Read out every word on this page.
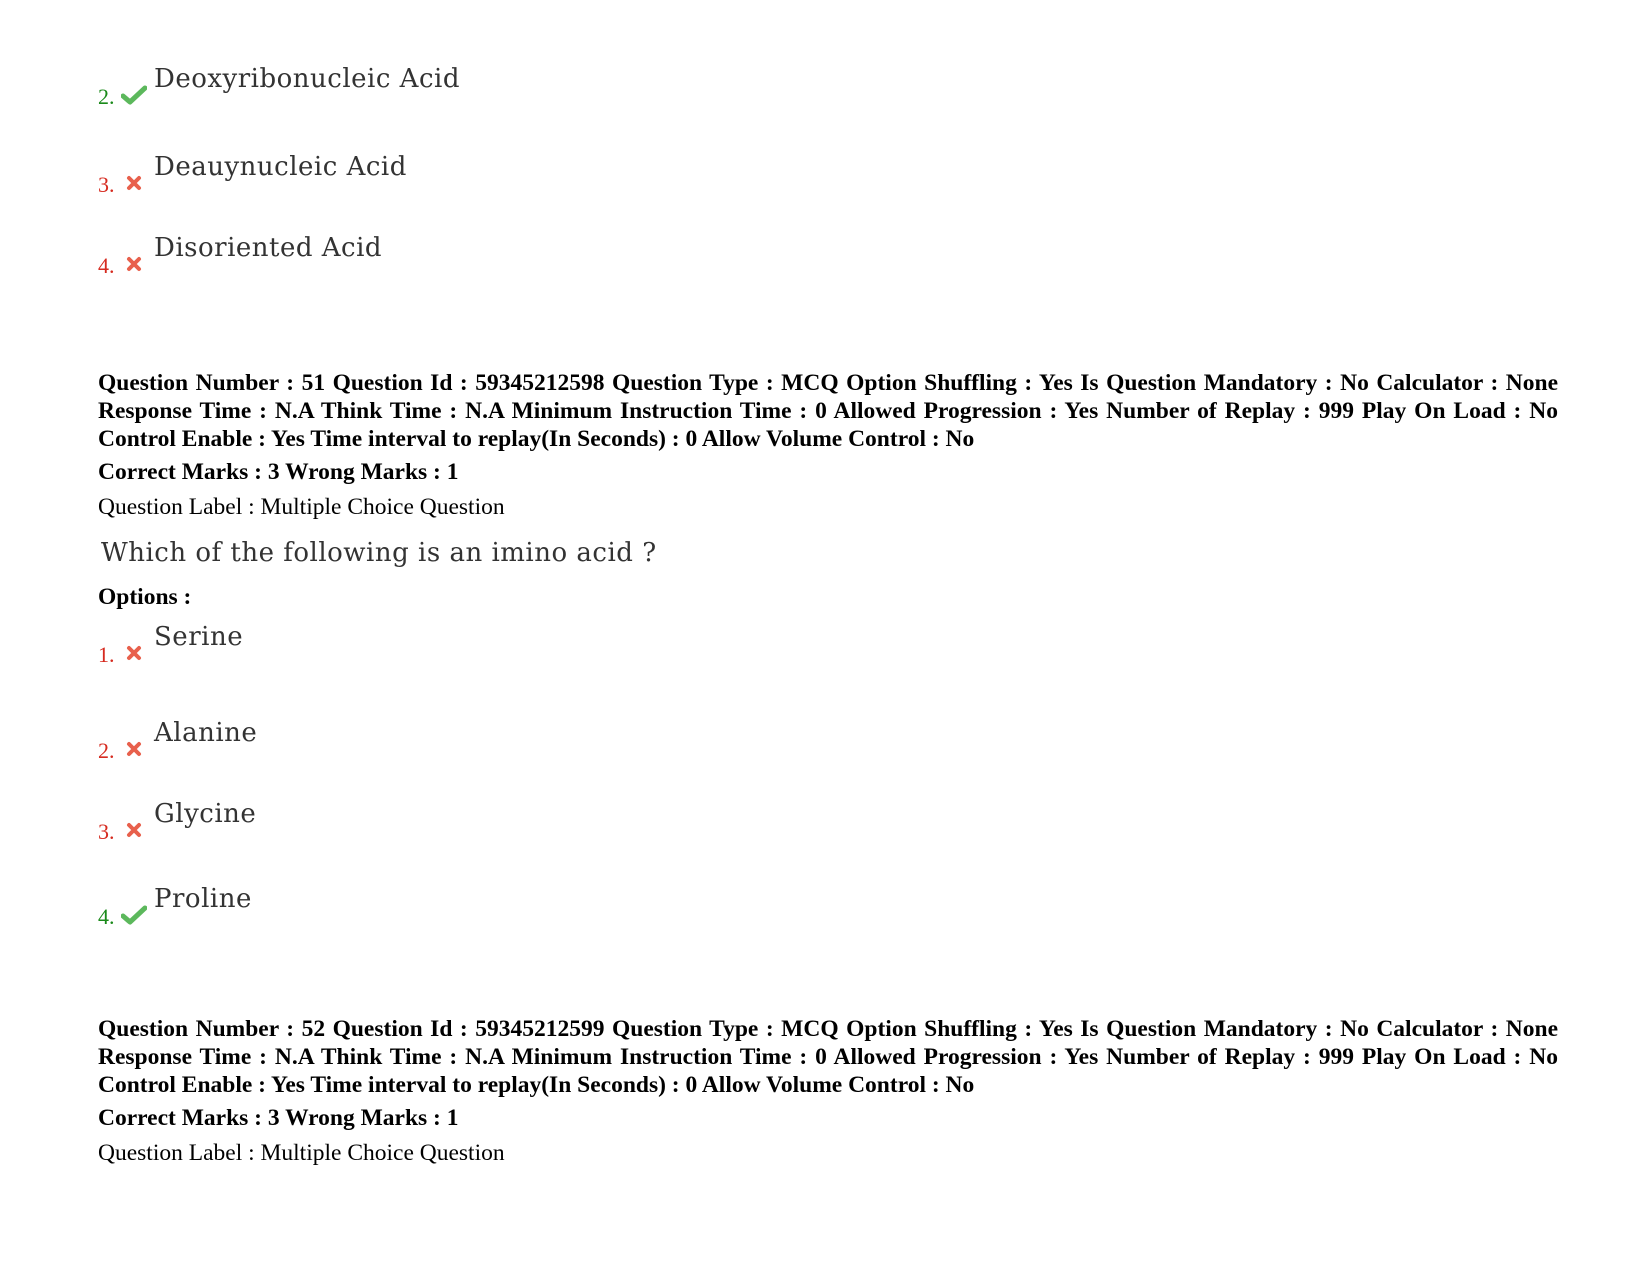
2.
Deoxyribonucleic Acid
3.
Deauynucleic Acid
4.
Disoriented Acid
Question Number : 51 Question Id : 59345212598 Question Type : MCQ Option Shuffling : Yes Is Question Mandatory : No Calculator : None Response Time : N.A Think Time : N.A Minimum Instruction Time : 0 Allowed Progression : Yes Number of Replay : 999 Play On Load : No Control Enable : Yes Time interval to replay(In Seconds) : 0 Allow Volume Control : No
Correct Marks : 3 Wrong Marks : 1
Question Label : Multiple Choice Question
Which of the following is an imino acid ?
Options :
1.
Serine
2.
Alanine
3.
Glycine
4.
Proline
Question Number : 52 Question Id : 59345212599 Question Type : MCQ Option Shuffling : Yes Is Question Mandatory : No Calculator : None Response Time : N.A Think Time : N.A Minimum Instruction Time : 0 Allowed Progression : Yes Number of Replay : 999 Play On Load : No Control Enable : Yes Time interval to replay(In Seconds) : 0 Allow Volume Control : No
Correct Marks : 3 Wrong Marks : 1
Question Label : Multiple Choice Question
